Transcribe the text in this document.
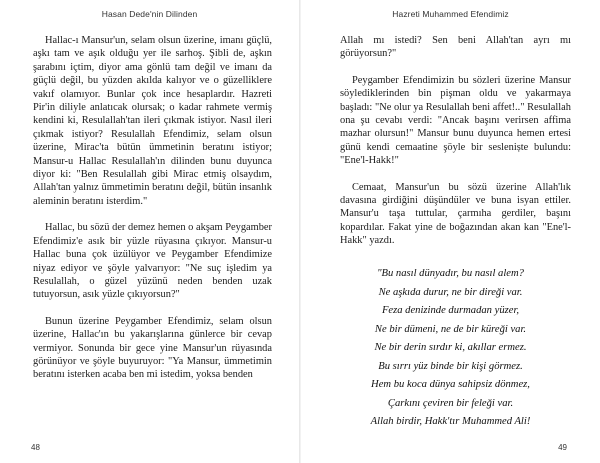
Hasan Dede'nin Dilinden

Hallac-ı Mansur'un, selam olsun üzerine, imanı güçlü, aşkı tam ve aşık olduğu yer ile sarhoş. Şibli de, aşkın şarabını içtim, diyor ama gönlü tam değil ve imanı da güçlü değil, bu yüzden akılda kalıyor ve o güzelliklere vakıf olamıyor. Bunlar çok ince hesaplardır. Hazreti Pir'in diliyle anlatıcak olursak; o kadar rahmete vermiş kendini ki, Resulallah'tan ileri çıkmak istiyor. Nasıl ileri çıkmak istiyor? Resulallah Efendimiz, selam olsun üzerine, Mirac'ta bütün ümmetinin beratını istiyor; Mansur-u Hallac Resulallah'ın dilinden bunu duyunca diyor ki: "Ben Resulallah gibi Mirac etmiş olsaydım, Allah'tan yalnız ümmetimin beratını değil, bütün insanlık aleminin beratını isterdim."

Hallac, bu sözü der demez hemen o akşam Peygamber Efendimiz'e asık bir yüzle rüyasına çıkıyor. Mansur-u Hallac buna çok üzülüyor ve Peygamber Efendimize niyaz ediyor ve şöyle yalvarıyor: "Ne suç işledim ya Resulallah, o güzel yüzünü neden benden uzak tutuyorsun, asık yüzle çıkıyorsun?"

Bunun üzerine Peygamber Efendimiz, selam olsun üzerine, Hallac'ın bu yakarışlarına günlerce bir cevap vermiyor. Sonunda bir gece yine Mansur'un rüyasında görünüyor ve şöyle buyuruyor: "Ya Mansur, ümmetimin beratını isterken acaba ben mi istedim, yoksa benden

48
Hazreti Muhammed Efendimiz

Allah mı istedi? Sen beni Allah'tan ayrı mı görüyorsun?"

Peygamber Efendimizin bu sözleri üzerine Mansur söylediklerinden bin pişman oldu ve yakarmaya başladı: "Ne olur ya Resulallah beni affet!.." Resulallah ona şu cevabı verdi: "Ancak başını verirsen affima mazhar olursun!" Mansur bunu duyunca hemen ertesi günü kendi cemaatine şöyle bir sesleniște bulundu: "Ene'l-Hakk!"

Cemaat, Mansur'un bu sözü üzerine Allah'lık davasına girdiğini düşündüler ve buna isyan ettiler. Mansur'u taşa tuttular, çarmıha gerdiler, başını kopardılar. Fakat yine de boğazından akan kan "Ene'l-Hakk" yazdı.

"Bu nasıl dünyadır, bu nasıl alem?
Ne aşkıda durur, ne bir direği var.
Feza denizinde durmadan yüzer,
Ne bir dümeni, ne de bir küreği var.
Ne bir derin sırdır ki, akıllar ermez.
Bu sırrı yüz binde bir kişi görmez.
Hem bu koca dünya sahipsiz dönmez,
Çarkını çeviren bir feleği var.
Allah birdir, Hakk'tır Muhammed Ali!
49
